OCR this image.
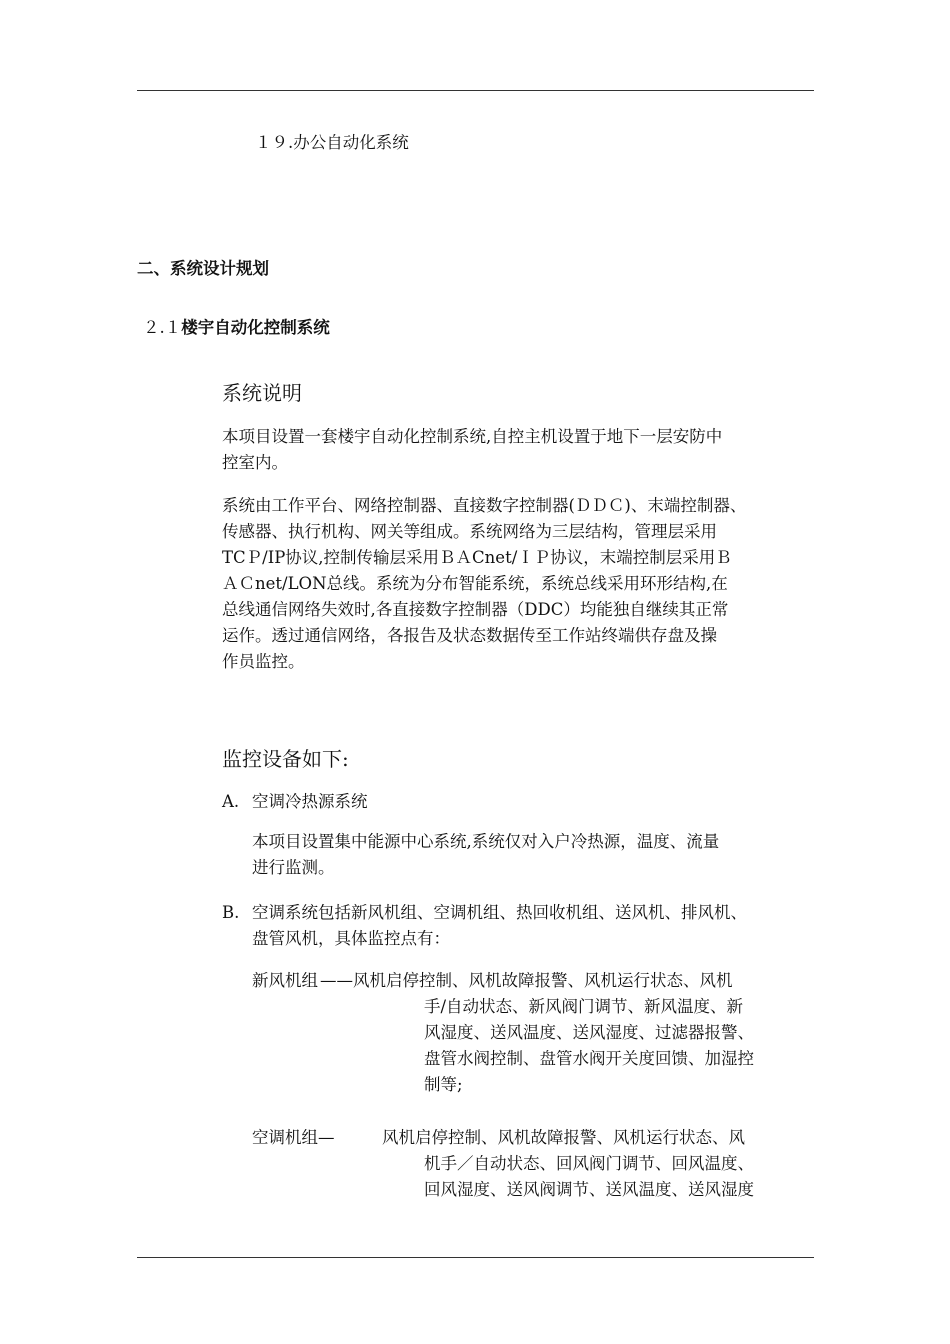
１９.办公自动化系统
二、系统设计规划
２.１楼宇自动化控制系统
系统说明
本项目设置一套楼宇自动化控制系统,自控主机设置于地下一层安防中
控室内。
系统由工作平台、网络控制器、直接数字控制器(ＤＤＣ)、末端控制器、
传感器、执行机构、网关等组成。系统网络为三层结构，管理层采用
TCＰ/IP协议,控制传输层采用ＢＡCnet/ＩＰ协议，末端控制层采用Ｂ
ＡＣnet/LON总线。系统为分布智能系统，系统总线采用环形结构,在
总线通信网络失效时,各直接数字控制器（DDC）均能独自继续其正常
运作。透过通信网络，各报告及状态数据传至工作站终端供存盘及操
作员监控。
监控设备如下:
A. 空调冷热源系统
本项目设置集中能源中心系统,系统仅对入户冷热源，温度、流量
进行监测。
B. 空调系统包括新风机组、空调机组、热回收机组、送风机、排风机、
盘管风机，具体监控点有：
新风机组 ——风机启停控制、风机故障报警、风机运行状态、风机
手/自动状态、新风阀门调节、新风温度、新
风湿度、送风温度、送风湿度、过滤器报警、
盘管水阀控制、盘管水阀开关度回馈、加湿控
制等;
空调机组—	风机启停控制、风机故障报警、风机运行状态、风
机手／自动状态、回风阀门调节、回风温度、
回风湿度、送风阀调节、送风温度、送风湿度
